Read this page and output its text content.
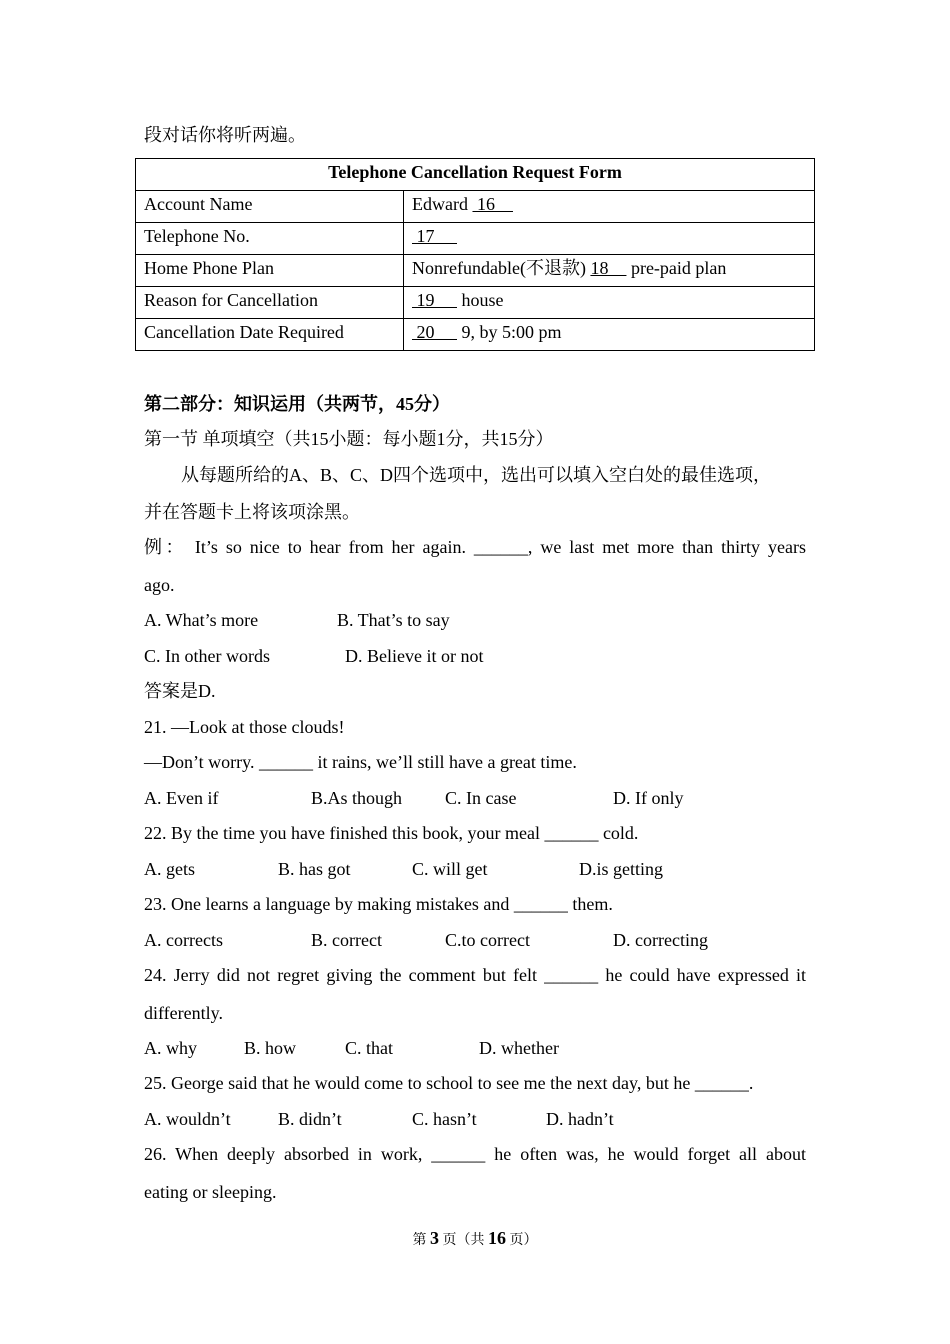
段对话你将听两遍。
Telephone Cancellation Request Form	
Account Name	Edward  16
Telephone No.	17
Home Phone Plan	Nonrefundable(不退款) 18     pre-paid plan
Reason for Cancellation	19      house
Cancellation Date Required	20      9, by 5:00 pm
第二部分：知识运用（共两节，45分）
第一节 单项填空（共15小题：每小题1分，共15分）
从每题所给的A、B、C、D四个选项中，选出可以填入空白处的最佳选项，
并在答题卡上将该项涂黑。
例： It’s so nice to hear from her again. ______, we last met more than thirty years
ago.
A. What’s more	B. That’s to say
C. In other words	D. Believe it or not
答案是D.
21. —Look at those clouds!
—Don’t worry. ______ it rains, we’ll still have a great time.
A. Even if	B.As though C. In case	D. If only
22. By the time you have finished this book, your meal ______ cold.
A. gets	B. has got	C. will get	D.is getting
23. One learns a language by making mistakes and ______ them.
A. corrects	B. correct	C.to correct	D. correcting
24. Jerry did not regret giving the comment but felt ______ he could have expressed it
differently.
A. why	B. how	C. that	D. whether
25. George said that he would come to school to see me the next day, but he ______.
A. wouldn’t	B. didn’t	C. hasn’t	D. hadn’t
26. When deeply absorbed in work, ______ he often was, he would forget all about
eating or sleeping.
第 3 页（共 16 页）
